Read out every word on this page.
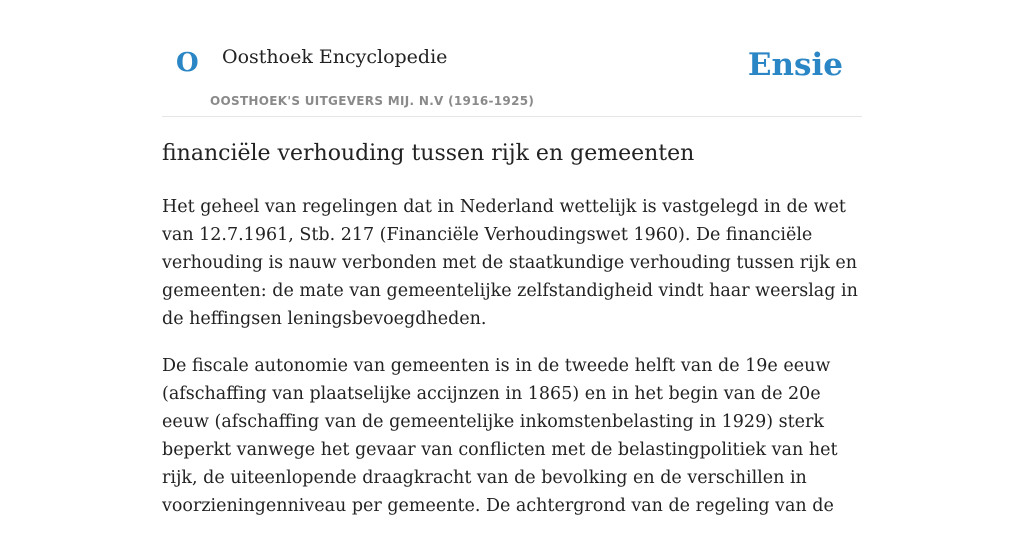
O Oosthoek Encyclopedie
OOSTHOEK'S UITGEVERS MIJ. N.V (1916-1925)
Ensie
financiële verhouding tussen rijk en gemeenten

Het geheel van regelingen dat in Nederland wettelijk is vastgelegd in de wet van 12.7.1961, Stb. 217 (Financiële Verhoudingswet 1960). De financiële verhouding is nauw verbonden met de staatkundige verhouding tussen rijk en gemeenten: de mate van gemeentelijke zelfstandigheid vindt haar weerslag in de heffingsen leningsbevoegdheden.

De fiscale autonomie van gemeenten is in de tweede helft van de 19e eeuw (afschaffing van plaatselijke accijnzen in 1865) en in het begin van de 20e eeuw (afschaffing van de gemeentelijke inkomstenbelasting in 1929) sterk beperkt vanwege het gevaar van conflicten met de belastingpolitiek van het rijk, de uiteenlopende draagkracht van de bevolking en de verschillen in voorzieningenniveau per gemeente. De achtergrond van de regeling van de
